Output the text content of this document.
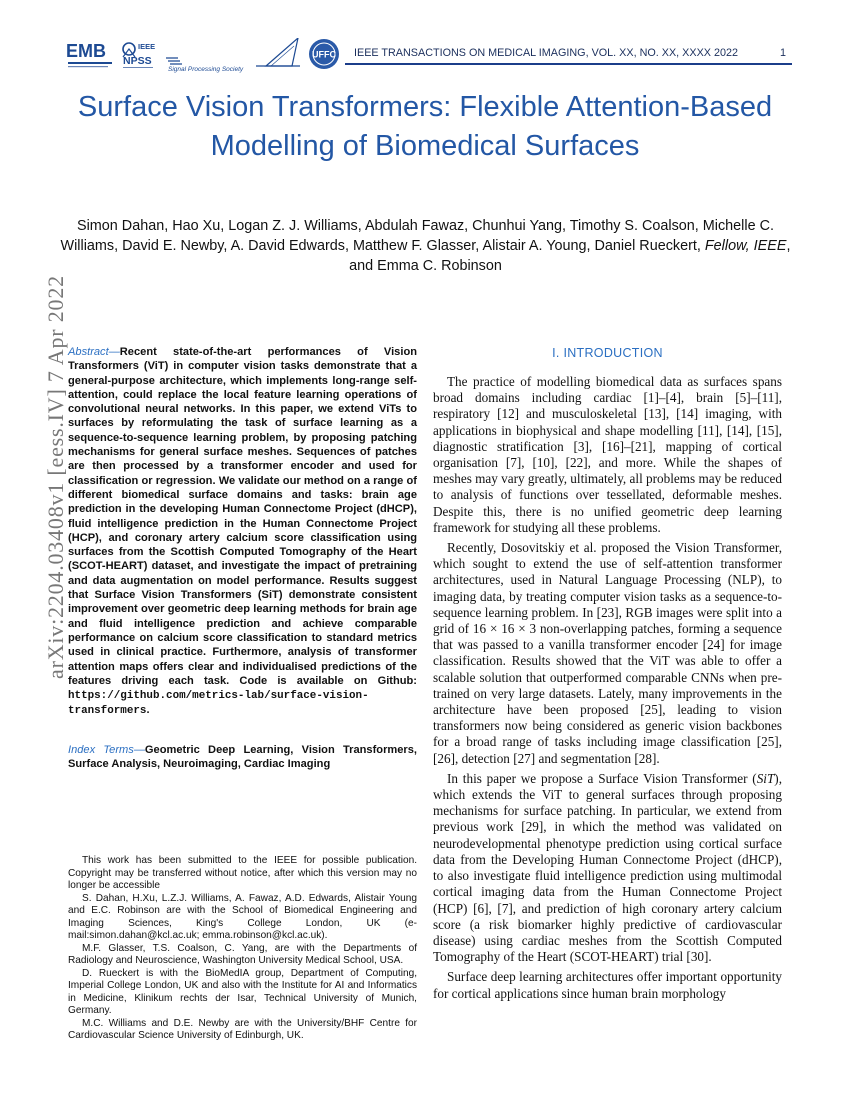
EMB	IEEE
NPSS
Signal Processing Society
UFFC IEEE TRANSACTIONS ON MEDICAL IMAGING, VOL. XX, NO. XX, XXXX 2022	1
Surface Vision Transformers: Flexible Attention-Based Modelling of Biomedical Surfaces
Simon Dahan, Hao Xu, Logan Z. J. Williams, Abdulah Fawaz, Chunhui Yang, Timothy S. Coalson, Michelle C. Williams, David E. Newby, A. David Edwards, Matthew F. Glasser, Alistair A. Young, Daniel Rueckert, Fellow, IEEE, and Emma C. Robinson
arXiv:2204.03408v1 [eess.IV] 7 Apr 2022 Abstract—Recent state-of-the-art performances of Vision Transformers (ViT) in computer vision tasks demonstrate that a general-purpose architecture, which implements long-range self-attention, could replace the local feature learning operations of convolutional neural networks. In this paper, we extend ViTs to surfaces by reformulating the task of surface learning as a sequence-to-sequence learning problem, by proposing patching mechanisms for general surface meshes. Sequences of patches are then processed by a transformer encoder and used for classification or regression. We validate our method on a range of different biomedical surface domains and tasks: brain age prediction in the developing Human Connectome Project (dHCP), fluid intelligence prediction in the Human Connectome Project (HCP), and coronary artery calcium score classification using surfaces from the Scottish Computed Tomography of the Heart (SCOT-HEART) dataset, and investigate the impact of pretraining and data augmentation on model performance. Results suggest that Surface Vision Transformers (SiT) demonstrate consistent improvement over geometric deep learning methods for brain age and fluid intelligence prediction and achieve comparable performance on calcium score classification to standard metrics used in clinical practice. Furthermore, analysis of transformer attention maps offers clear and individualised predictions of the features driving each task. Code is available on Github: https://github.com/metrics-lab/surface-vision-transformers.
Index Terms—Geometric Deep Learning, Vision Transformers, Surface Analysis, Neuroimaging, Cardiac Imaging

This work has been submitted to the IEEE for possible publication. Copyright may be transferred without notice, after which this version may no longer be accessible

S. Dahan, H.Xu, L.Z.J. Williams, A. Fawaz, A.D. Edwards, Alistair Young and E.C. Robinson are with the School of Biomedical Engineering and Imaging Sciences, King's College London, UK (e-mail:simon.dahan@kcl.ac.uk; emma.robinson@kcl.ac.uk).

M.F. Glasser, T.S. Coalson, C. Yang, are with the Departments of Radiology and Neuroscience, Washington University Medical School, USA.

D. Rueckert is with the BioMedIA group, Department of Computing, Imperial College London, UK and also with the Institute for AI and Informatics in Medicine, Klinikum rechts der Isar, Technical University of Munich, Germany.

M.C. Williams and D.E. Newby are with the University/BHF Centre for Cardiovascular Science University of Edinburgh, UK.

I. INTRODUCTION

The practice of modelling biomedical data as surfaces spans broad domains including cardiac [1]–[4], brain [5]–[11], respiratory [12] and musculoskeletal [13], [14] imaging, with applications in biophysical and shape modelling [11], [14], [15], diagnostic stratification [3], [16]–[21], mapping of cortical organisation [7], [10], [22], and more. While the shapes of meshes may vary greatly, ultimately, all problems may be reduced to analysis of functions over tessellated, deformable meshes. Despite this, there is no unified geometric deep learning framework for studying all these problems.

Recently, Dosovitskiy et al. proposed the Vision Transformer, which sought to extend the use of self-attention transformer architectures, used in Natural Language Processing (NLP), to imaging data, by treating computer vision tasks as a sequence-to-sequence learning problem. In [23], RGB images were split into a grid of 16 × 16 × 3 non-overlapping patches, forming a sequence that was passed to a vanilla transformer encoder [24] for image classification. Results showed that the ViT was able to offer a scalable solution that outperformed comparable CNNs when pre-trained on very large datasets. Lately, many improvements in the architecture have been proposed [25], leading to vision transformers now being considered as generic vision backbones for a broad range of tasks including image classification [25], [26], detection [27] and segmentation [28].

In this paper we propose a Surface Vision Transformer (SiT), which extends the ViT to general surfaces through proposing mechanisms for surface patching. In particular, we extend from previous work [29], in which the method was validated on neurodevelopmental phenotype prediction using cortical surface data from the Developing Human Connectome Project (dHCP), to also investigate fluid intelligence prediction using multimodal cortical imaging data from the Human Connectome Project (HCP) [6], [7], and prediction of high coronary artery calcium score (a risk biomarker highly predictive of cardiovascular disease) using cardiac meshes from the Scottish Computed Tomography of the Heart (SCOT-HEART) trial [30].

Surface deep learning architectures offer important opportunity for cortical applications since human brain morphology
